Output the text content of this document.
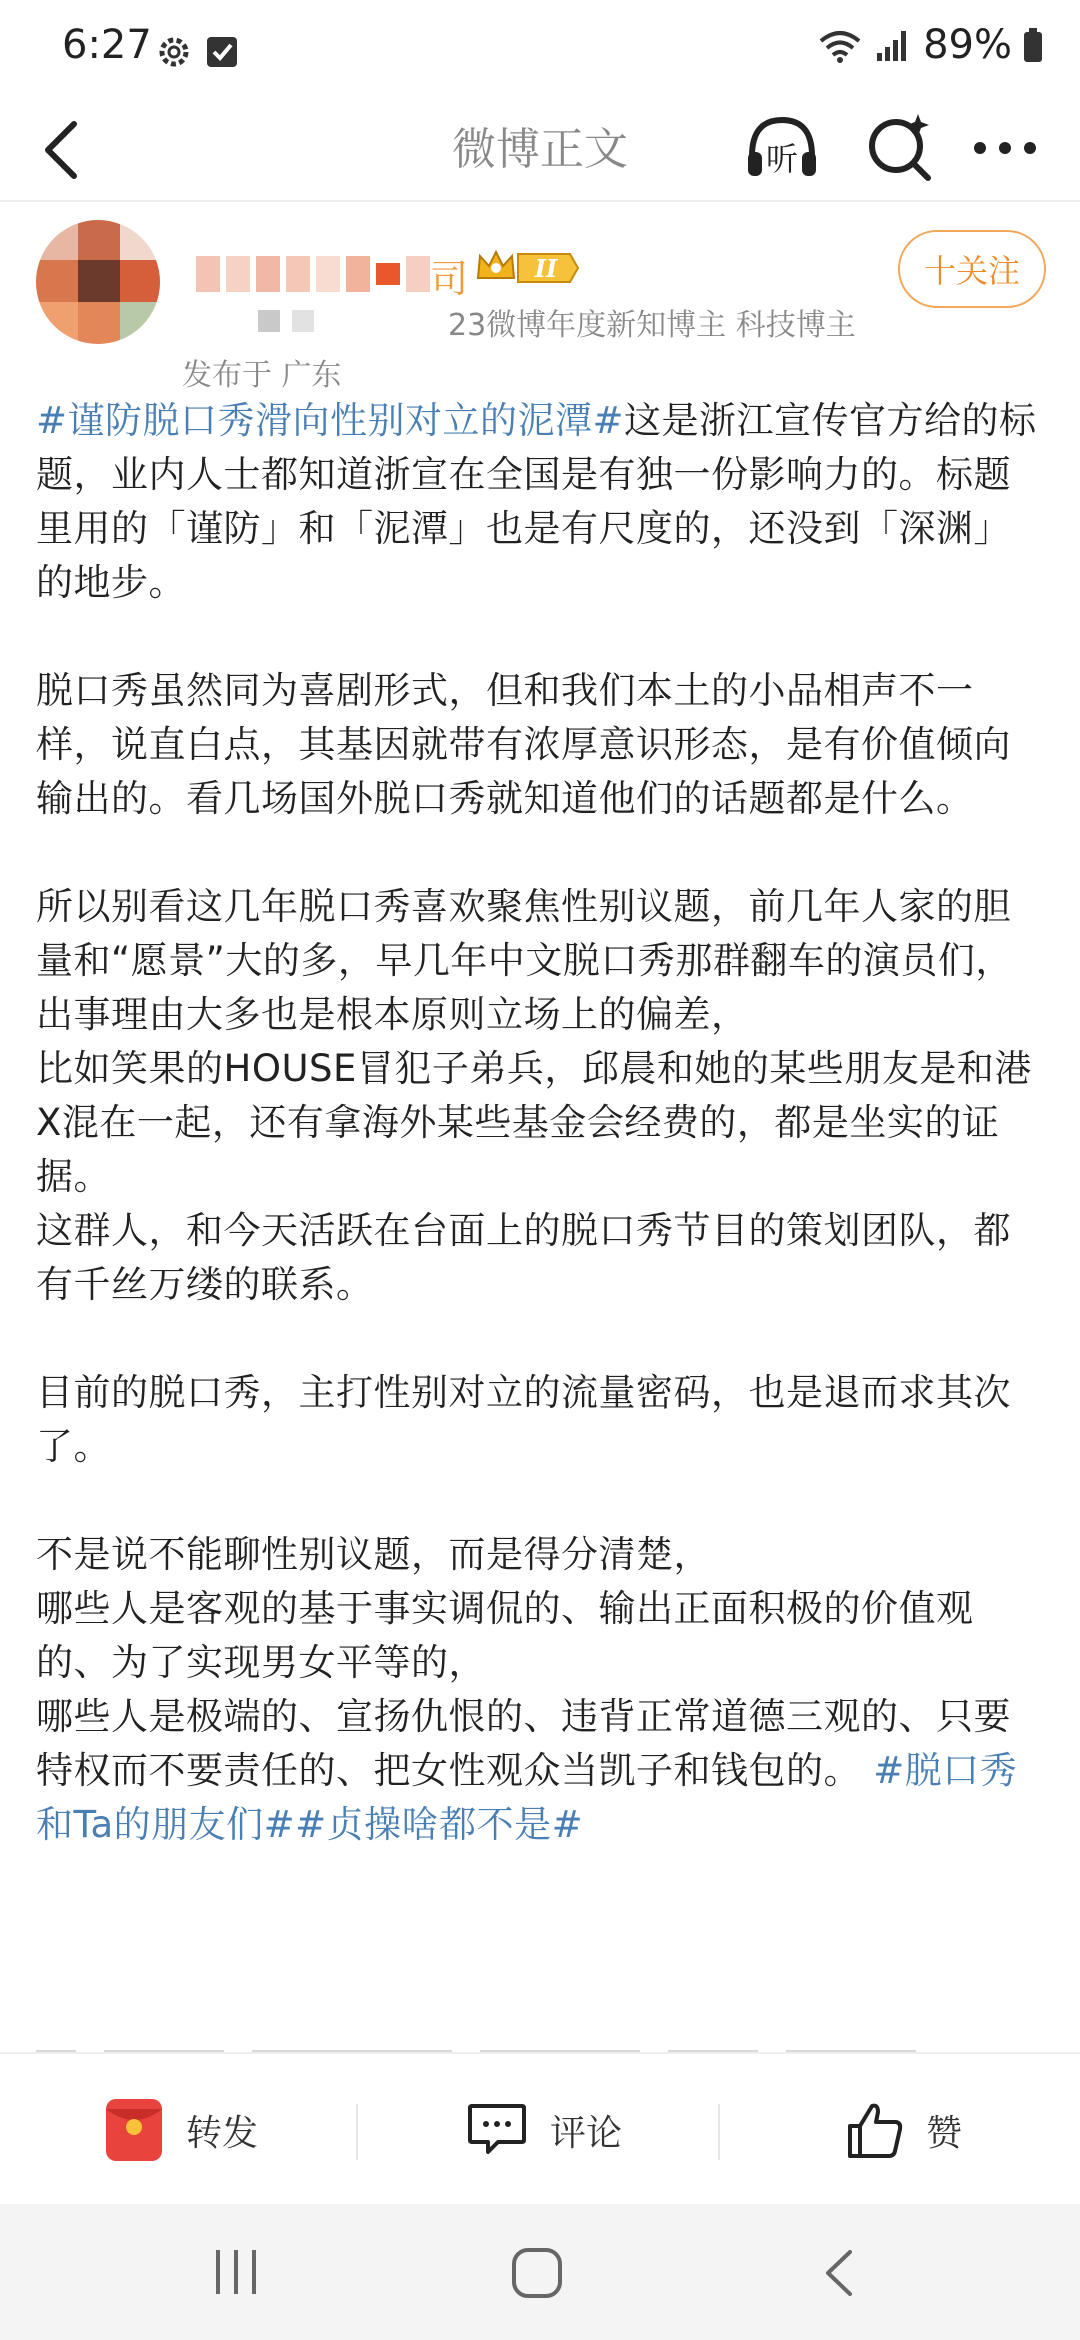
6:27	89%
微博正文	听
司	II
23微博年度新知博主 科技博主
发布于 广东
十关注

#谨防脱口秀滑向性别对立的泥潭#这是浙江宣传官方给的标题，业内人士都知道浙宣在全国是有独一份影响力的。标题里用的「谨防」和「泥潭」也是有尺度的，还没到「深渊」的地步。

脱口秀虽然同为喜剧形式，但和我们本土的小品相声不一样，说直白点，其基因就带有浓厚意识形态，是有价值倾向输出的。看几场国外脱口秀就知道他们的话题都是什么。

所以别看这几年脱口秀喜欢聚焦性别议题，前几年人家的胆量和“愿景”大的多，早几年中文脱口秀那群翻车的演员们，出事理由大多也是根本原则立场上的偏差，

比如笑果的HOUSE冒犯子弟兵，邱晨和她的某些朋友是和港X混在一起，还有拿海外某些基金会经费的，都是坐实的证据。

这群人，和今天活跃在台面上的脱口秀节目的策划团队，都有千丝万缕的联系。

目前的脱口秀，主打性别对立的流量密码，也是退而求其次了。

不是说不能聊性别议题，而是得分清楚，

哪些人是客观的基于事实调侃的、输出正面积极的价值观的、为了实现男女平等的，

哪些人是极端的、宣扬仇恨的、违背正常道德三观的、只要特权而不要责任的、把女性观众当凯子和钱包的。 #脱口秀和Ta的朋友们##贞操啥都不是#

转发	评论	赞
